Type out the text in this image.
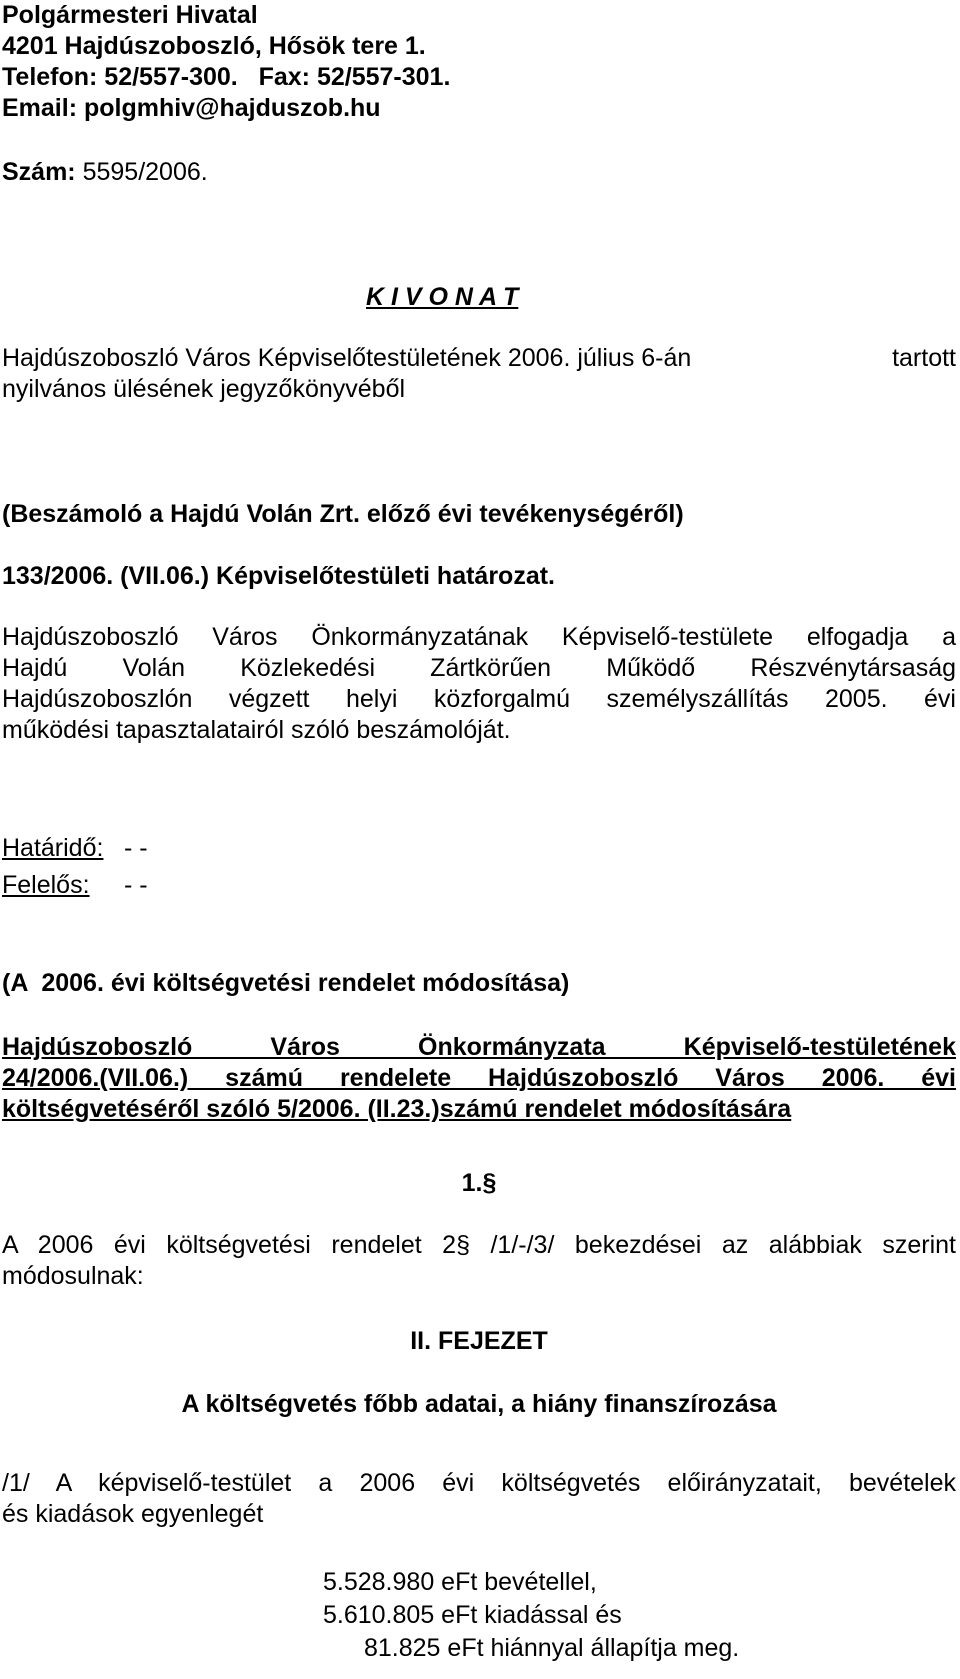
Polgármesteri Hivatal
4201 Hajdúszoboszló, Hősök tere 1.
Telefon: 52/557-300.   Fax: 52/557-301.
Email: polgmhiv@hajduszob.hu
Szám: 5595/2006.
K I V O N A T
Hajdúszoboszló Város Képviselőtestületének 2006. július 6-án	tartott
nyilvános ülésének jegyzőkönyvéből
(Beszámoló a Hajdú Volán Zrt. előző évi tevékenységéről)
133/2006. (VII.06.) Képviselőtestületi határozat.
Hajdúszoboszló Város Önkormányzatának Képviselő-testülete elfogadja a
Hajdú Volán Közlekedési Zártkörűen Működő Részvénytársaság
Hajdúszoboszlón végzett helyi közforgalmú személyszállítás 2005. évi
működési tapasztalatairól szóló beszámolóját.
Határidő: - -
Felelős: - -
(A  2006. évi költségvetési rendelet módosítása)
Hajdúszoboszló Város Önkormányzata Képviselő-testületének
24/2006.(VII.06.) számú rendelete Hajdúszoboszló Város 2006. évi
költségvetéséről szóló 5/2006. (II.23.)számú rendelet módosítására
1.§
A 2006 évi költségvetési rendelet 2§ /1/-/3/ bekezdései az alábbiak szerint
módosulnak:
II. FEJEZET
A költségvetés főbb adatai, a hiány finanszírozása
/1/ A képviselő-testület a 2006 évi költségvetés előirányzatait, bevételek
és kiadások egyenlegét
5.528.980 eFt bevétellel,
5.610.805 eFt kiadással és
81.825 eFt hiánnyal állapítja meg.
